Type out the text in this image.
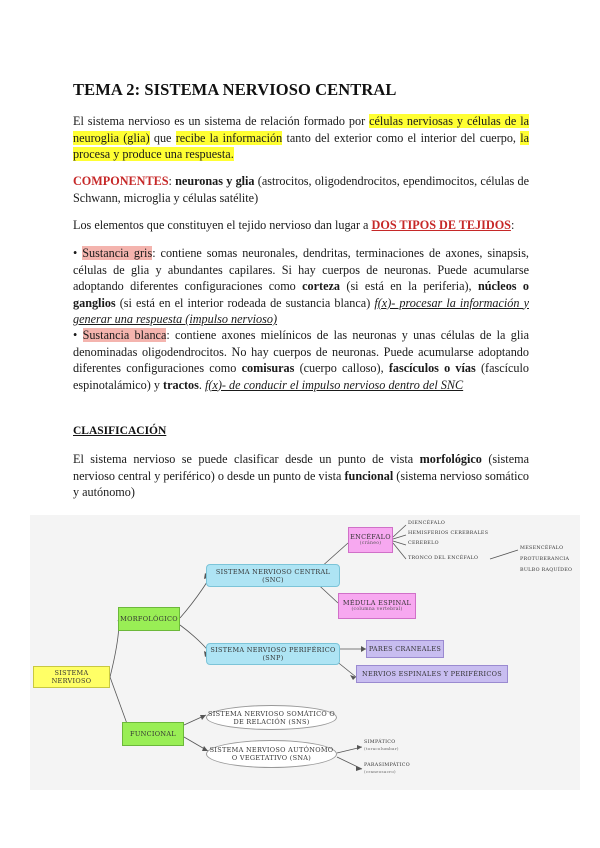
TEMA 2: SISTEMA NERVIOSO CENTRAL

El sistema nervioso es un sistema de relación formado por células nerviosas y células de la neuroglia (glia) que recibe la información tanto del exterior como el interior del cuerpo, la procesa y produce una respuesta.

COMPONENTES: neuronas y glia (astrocitos, oligodendrocitos, ependimocitos, células de Schwann, microglia y células satélite)

Los elementos que constituyen el tejido nervioso dan lugar a DOS TIPOS DE TEJIDOS:

• Sustancia gris: contiene somas neuronales, dendritas, terminaciones de axones, sinapsis, células de glia y abundantes capilares. Si hay cuerpos de neuronas. Puede acumularse adoptando diferentes configuraciones como corteza (si está en la periferia), núcleos o ganglios (si está en el interior rodeada de sustancia blanca) f(x)- procesar la información y generar una respuesta (impulso nervioso)

• Sustancia blanca: contiene axones mielínicos de las neuronas y unas células de la glia denominadas oligodendrocitos. No hay cuerpos de neuronas. Puede acumularse adoptando diferentes configuraciones como comisuras (cuerpo calloso), fascículos o vías (fascículo espinotalámico) y tractos. f(x)- de conducir el impulso nervioso dentro del SNC

CLASIFICACIÓN

El sistema nervioso se puede clasificar desde un punto de vista morfológico (sistema nervioso central y periférico) o desde un punto de vista funcional (sistema nervioso somático y autónomo)

SISTEMA NERVIOSO
MORFOLÓGICO
FUNCIONAL
SISTEMA NERVIOSO CENTRAL (SNC)
SISTEMA NERVIOSO PERIFÉRICO (SNP)
ENCÉFALO
(cráneo)
MÉDULA ESPINAL
(columna vertebral)
PARES CRANEALES
NERVIOS ESPINALES Y PERIFÉRICOS
SISTEMA NERVIOSO SOMÁTICO O DE RELACIÓN (SNS)
SISTEMA NERVIOSO AUTÓNOMO O VEGETATIVO (SNA)
DIENCÉFALO
HEMISFERIOS CEREBRALES
CEREBELO
TRONCO DEL ENCÉFALO
MESENCÉFALO
PROTUBERANCIA
BULBO RAQUÍDEO
SIMPÁTICO
(toracolumbar)
PARASIMPÁTICO
(craneosacro)
